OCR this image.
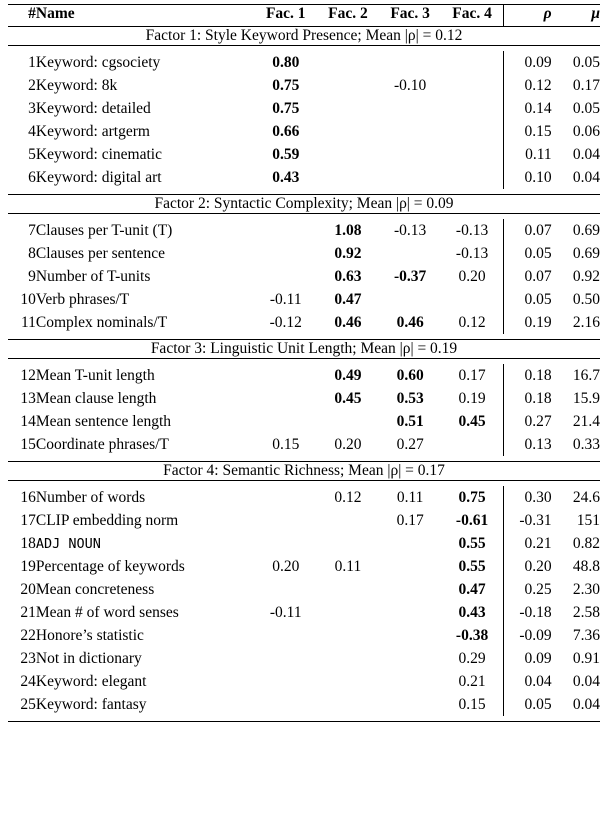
#	Name	Fac. 1	Fac. 2	Fac. 3	Fac. 4	ρ	μ

Factor 1: Style Keyword Presence; Mean |ρ| = 0.12							

1	Keyword: cgsociety	0.80				0.09	0.05
2	Keyword: 8k	0.75		-0.10		0.12	0.17
3	Keyword: detailed	0.75				0.14	0.05
4	Keyword: artgerm	0.66				0.15	0.06
5	Keyword: cinematic	0.59				0.11	0.04
6	Keyword: digital art	0.43				0.10	0.04

Factor 2: Syntactic Complexity; Mean |ρ| = 0.09							

7	Clauses per T-unit (T)		1.08	-0.13	-0.13	0.07	0.69
8	Clauses per sentence		0.92		-0.13	0.05	0.69
9	Number of T-units		0.63	-0.37	0.20	0.07	0.92
10	Verb phrases/T	-0.11	0.47			0.05	0.50
11	Complex nominals/T	-0.12	0.46	0.46	0.12	0.19	2.16

Factor 3: Linguistic Unit Length; Mean |ρ| = 0.19							

12	Mean T-unit length		0.49	0.60	0.17	0.18	16.7
13	Mean clause length		0.45	0.53	0.19	0.18	15.9
14	Mean sentence length			0.51	0.45	0.27	21.4
15	Coordinate phrases/T	0.15	0.20	0.27		0.13	0.33

Factor 4: Semantic Richness; Mean |ρ| = 0.17							

16	Number of words		0.12	0.11	0.75	0.30	24.6
17	CLIP embedding norm			0.17	-0.61	-0.31	151
18	ADJ NOUN				0.55	0.21	0.82
19	Percentage of keywords	0.20	0.11		0.55	0.20	48.8
20	Mean concreteness				0.47	0.25	2.30
21	Mean # of word senses	-0.11			0.43	-0.18	2.58
22	Honore’s statistic				-0.38	-0.09	7.36
23	Not in dictionary				0.29	0.09	0.91
24	Keyword: elegant				0.21	0.04	0.04
25	Keyword: fantasy				0.15	0.05	0.04
